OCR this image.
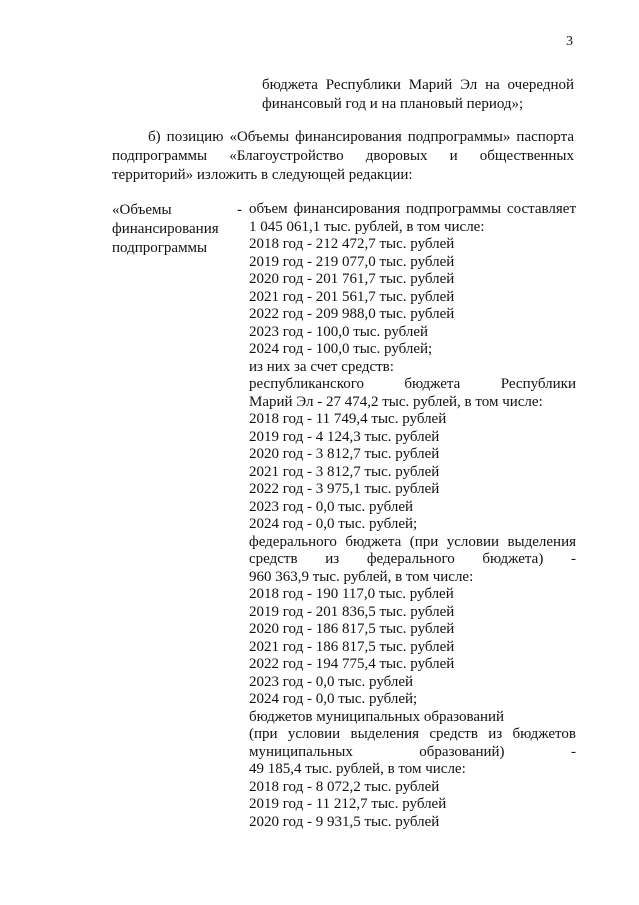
3
бюджета Республики Марий Эл на очередной
финансовый год и на плановый период»;
б) позицию «Объемы финансирования подпрограммы» паспорта
подпрограммы «Благоустройство дворовых и общественных
территорий» изложить в следующей редакции:
«Объемы
финансирования
подпрограммы
- объем финансирования подпрограммы составляет
1 045 061,1 тыс. рублей, в том числе:
2018 год - 212 472,7 тыс. рублей
2019 год - 219 077,0 тыс. рублей
2020 год - 201 761,7 тыс. рублей
2021 год - 201 561,7 тыс. рублей
2022 год - 209 988,0 тыс. рублей
2023 год - 100,0 тыс. рублей
2024 год - 100,0 тыс. рублей;
из них за счет средств:
республиканского бюджета Республики
Марий Эл - 27 474,2 тыс. рублей, в том числе:
2018 год - 11 749,4 тыс. рублей
2019 год - 4 124,3 тыс. рублей
2020 год - 3 812,7 тыс. рублей
2021 год - 3 812,7 тыс. рублей
2022 год - 3 975,1 тыс. рублей
2023 год - 0,0 тыс. рублей
2024 год - 0,0 тыс. рублей;
федерального бюджета (при условии выделения
средств из федерального бюджета) -
960 363,9 тыс. рублей, в том числе:
2018 год - 190 117,0 тыс. рублей
2019 год - 201 836,5 тыс. рублей
2020 год - 186 817,5 тыс. рублей
2021 год - 186 817,5 тыс. рублей
2022 год - 194 775,4 тыс. рублей
2023 год - 0,0 тыс. рублей
2024 год - 0,0 тыс. рублей;
бюджетов муниципальных образований
(при условии выделения средств из бюджетов
муниципальных образований) -
49 185,4 тыс. рублей, в том числе:
2018 год - 8 072,2 тыс. рублей
2019 год - 11 212,7 тыс. рублей
2020 год - 9 931,5 тыс. рублей
